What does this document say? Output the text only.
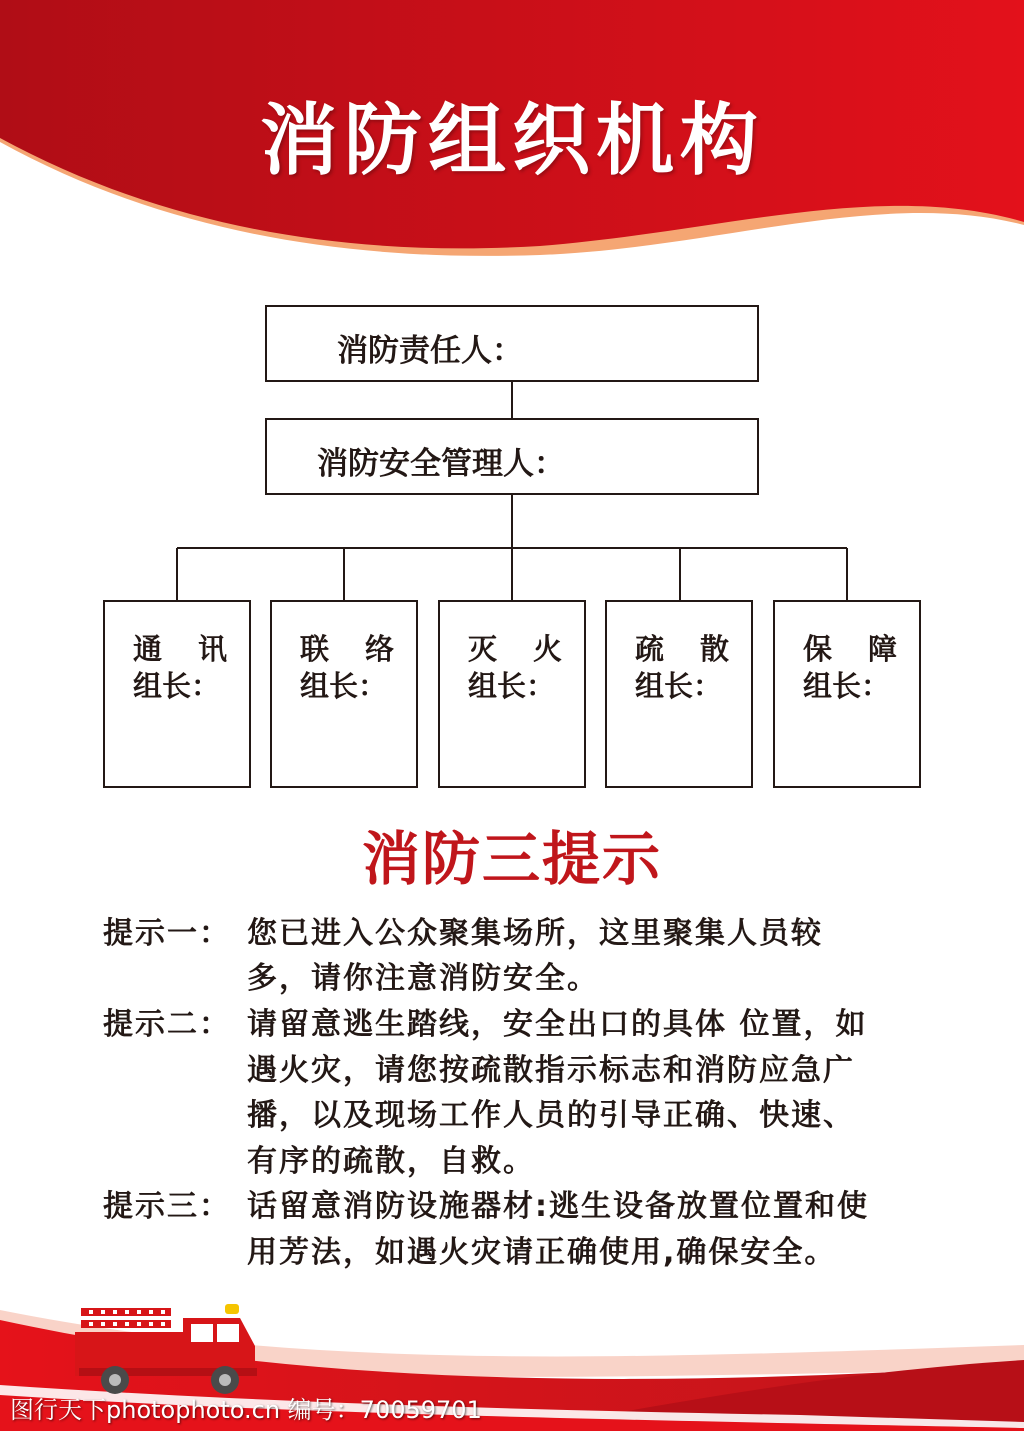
消防组织机构
消防责任人：
消防安全管理人：
通 讯
组长：
联 络
组长：
灭 火
组长：
疏 散
组长：
保 障
组长：
消防三提示
提示一： 您已进入公众聚集场所，这里聚集人员较
多，请你注意消防安全。
提示二： 请留意逃生踏线，安全出口的具体 位置，如
遇火灾，请您按疏散指示标志和消防应急广
播，以及现场工作人员的引导正确、快速、
有序的疏散，自救。
提示三： 话留意消防设施器材:逃生设备放置位置和使
用芳法，如遇火灾请正确使用,确保安全。
图行天下photophoto.cn 编号：70059701
